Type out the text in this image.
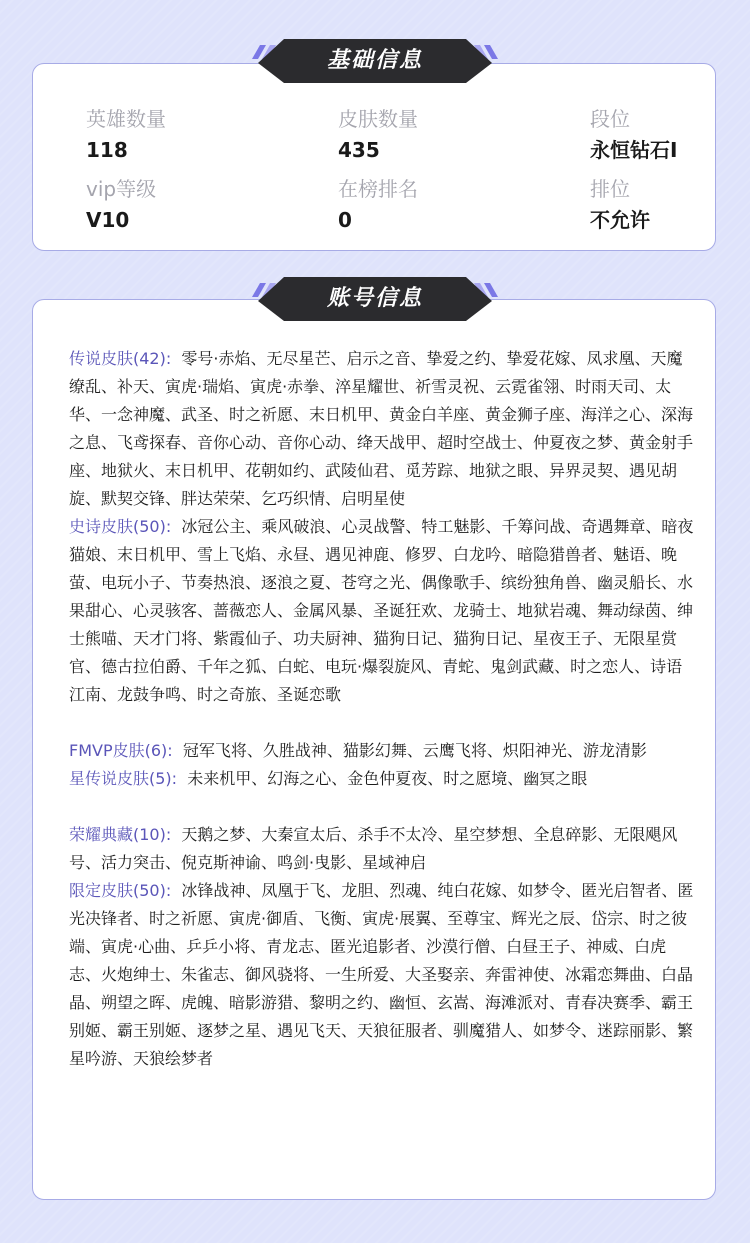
英雄数量
118
皮肤数量
435
段位
永恒钻石I
vip等级
V10
在榜排名
0
排位
不允许

传说皮肤(42): 零号·赤焰、无尽星芒、启示之音、挚爱之约、挚爱花嫁、凤求凰、天魔缭乱、补天、寅虎·瑞焰、寅虎·赤拳、淬星耀世、祈雪灵祝、云霓雀翎、时雨天司、太华、一念神魔、武圣、时之祈愿、末日机甲、黄金白羊座、黄金狮子座、海洋之心、深海之息、飞鸢探春、音你心动、音你心动、绛天战甲、超时空战士、仲夏夜之梦、黄金射手座、地狱火、末日机甲、花朝如约、武陵仙君、觅芳踪、地狱之眼、异界灵契、遇见胡旋、默契交锋、胖达荣荣、乞巧织情、启明星使

史诗皮肤(50): 冰冠公主、乘风破浪、心灵战警、特工魅影、千筹问战、奇遇舞章、暗夜猫娘、末日机甲、雪上飞焰、永昼、遇见神鹿、修罗、白龙吟、暗隐猎兽者、魅语、晚萤、电玩小子、节奏热浪、逐浪之夏、苍穹之光、偶像歌手、缤纷独角兽、幽灵船长、水果甜心、心灵骇客、蔷薇恋人、金属风暴、圣诞狂欢、龙骑士、地狱岩魂、舞动绿茵、绅士熊喵、天才门将、紫霞仙子、功夫厨神、猫狗日记、猫狗日记、星夜王子、无限星赏官、德古拉伯爵、千年之狐、白蛇、电玩·爆裂旋风、青蛇、鬼剑武藏、时之恋人、诗语江南、龙鼓争鸣、时之奇旅、圣诞恋歌

FMVP皮肤(6): 冠军飞将、久胜战神、猫影幻舞、云鹰飞将、炽阳神光、游龙清影

星传说皮肤(5): 未来机甲、幻海之心、金色仲夏夜、时之愿境、幽冥之眼

荣耀典藏(10): 天鹅之梦、大秦宣太后、杀手不太冷、星空梦想、全息碎影、无限飓风号、活力突击、倪克斯神谕、鸣剑·曳影、星域神启

限定皮肤(50): 冰锋战神、凤凰于飞、龙胆、烈魂、纯白花嫁、如梦令、匿光启智者、匿光决锋者、时之祈愿、寅虎·御盾、飞衡、寅虎·展翼、至尊宝、辉光之辰、岱宗、时之彼端、寅虎·心曲、乒乒小将、青龙志、匿光追影者、沙漠行僧、白昼王子、神威、白虎志、火炮绅士、朱雀志、御风骁将、一生所爱、大圣娶亲、奔雷神使、冰霜恋舞曲、白晶晶、朔望之晖、虎魄、暗影游猎、黎明之约、幽恒、玄嵩、海滩派对、青春决赛季、霸王别姬、霸王别姬、逐梦之星、遇见飞天、天狼征服者、驯魔猎人、如梦令、迷踪丽影、繁星吟游、天狼绘梦者

基础信息
账号信息
